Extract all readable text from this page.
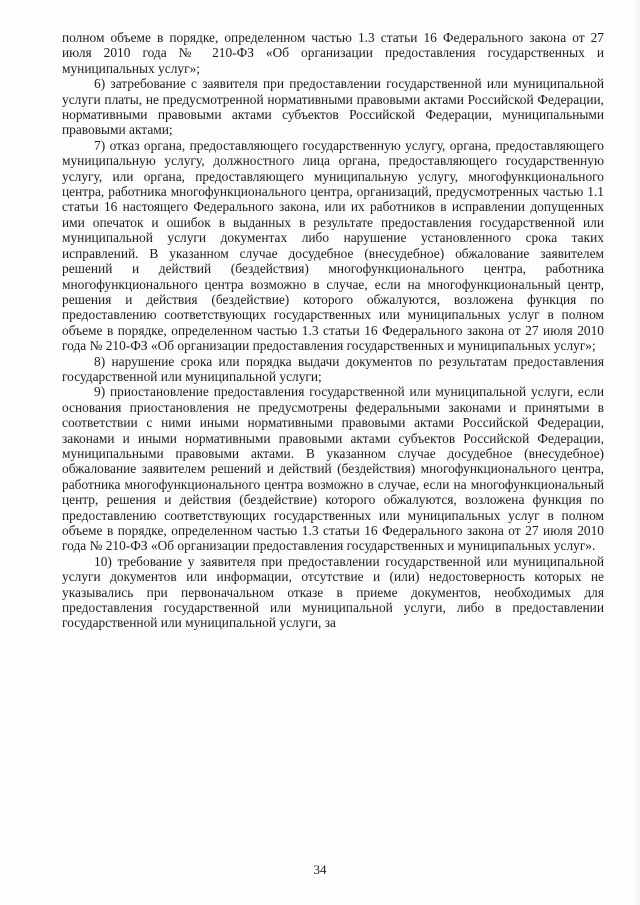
полном объеме в порядке, определенном частью 1.3 статьи 16 Федерального закона от 27 июля 2010 года № 210-ФЗ «Об организации предоставления государственных и муниципальных услуг»;

6) затребование с заявителя при предоставлении государственной или муниципальной услуги платы, не предусмотренной нормативными правовыми актами Российской Федерации, нормативными правовыми актами субъектов Российской Федерации, муниципальными правовыми актами;

7) отказ органа, предоставляющего государственную услугу, органа, предоставляющего муниципальную услугу, должностного лица органа, предоставляющего государственную услугу, или органа, предоставляющего муниципальную услугу, многофункционального центра, работника многофункционального центра, организаций, предусмотренных частью 1.1 статьи 16 настоящего Федерального закона, или их работников в исправлении допущенных ими опечаток и ошибок в выданных в результате предоставления государственной или муниципальной услуги документах либо нарушение установленного срока таких исправлений. В указанном случае досудебное (внесудебное) обжалование заявителем решений и действий (бездействия) многофункционального центра, работника многофункционального центра возможно в случае, если на многофункциональный центр, решения и действия (бездействие) которого обжалуются, возложена функция по предоставлению соответствующих государственных или муниципальных услуг в полном объеме в порядке, определенном частью 1.3 статьи 16 Федерального закона от 27 июля 2010 года № 210-ФЗ «Об организации предоставления государственных и муниципальных услуг»;

8) нарушение срока или порядка выдачи документов по результатам предоставления государственной или муниципальной услуги;

9) приостановление предоставления государственной или муниципальной услуги, если основания приостановления не предусмотрены федеральными законами и принятыми в соответствии с ними иными нормативными правовыми актами Российской Федерации, законами и иными нормативными правовыми актами субъектов Российской Федерации, муниципальными правовыми актами. В указанном случае досудебное (внесудебное) обжалование заявителем решений и действий (бездействия) многофункционального центра, работника многофункционального центра возможно в случае, если на многофункциональный центр, решения и действия (бездействие) которого обжалуются, возложена функция по предоставлению соответствующих государственных или муниципальных услуг в полном объеме в порядке, определенном частью 1.3 статьи 16 Федерального закона от 27 июля 2010 года № 210-ФЗ «Об организации предоставления государственных и муниципальных услуг».

10) требование у заявителя при предоставлении государственной или муниципальной услуги документов или информации, отсутствие и (или) недостоверность которых не указывались при первоначальном отказе в приеме документов, необходимых для предоставления государственной или муниципальной услуги, либо в предоставлении государственной или муниципальной услуги, за

34
